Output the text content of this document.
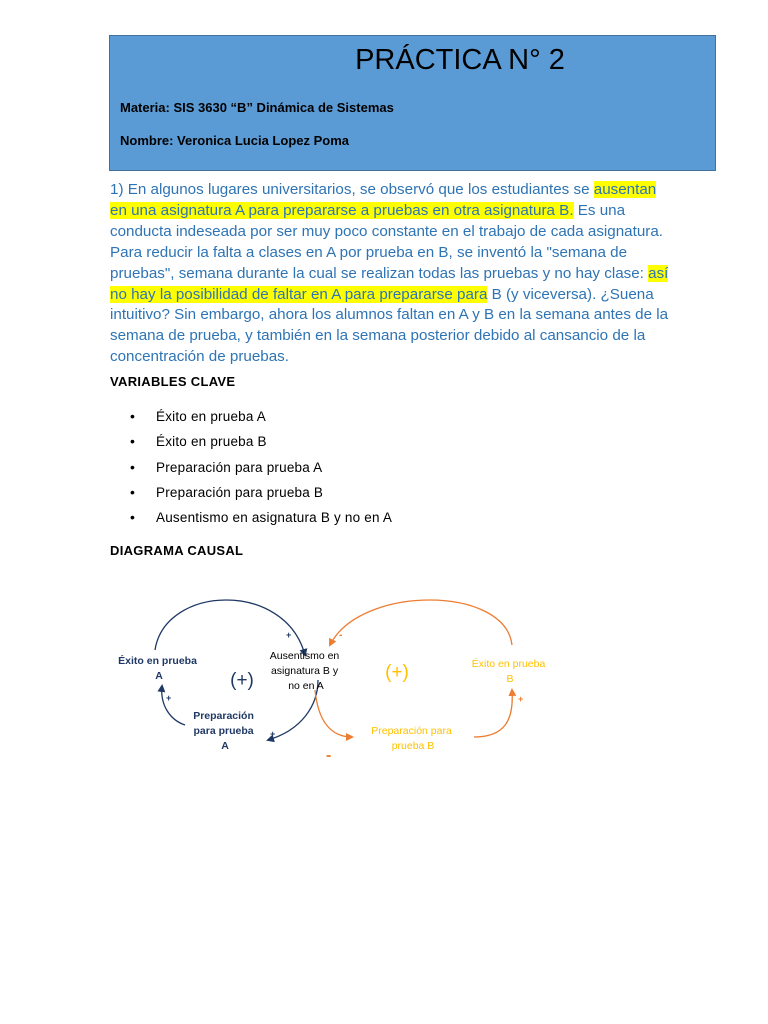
PRÁCTICA N° 2
Materia: SIS 3630 “B” Dinámica de Sistemas
Nombre: Veronica Lucia Lopez Poma
1) En algunos lugares universitarios, se observó que los estudiantes se ausentan en una asignatura A para prepararse a pruebas en otra asignatura B. Es una conducta indeseada por ser muy poco constante en el trabajo de cada asignatura. Para reducir la falta a clases en A por prueba en B, se inventó la "semana de pruebas", semana durante la cual se realizan todas las pruebas y no hay clase: así no hay la posibilidad de faltar en A para prepararse para B (y viceversa). ¿Suena intuitivo? Sin embargo, ahora los alumnos faltan en A y B en la semana antes de la semana de prueba, y también en la semana posterior debido al cansancio de la concentración de pruebas.
VARIABLES CLAVE
• Éxito en prueba A
• Éxito en prueba B
• Preparación para prueba A
• Preparación para prueba B
• Ausentismo en asignatura B y no en A
DIAGRAMA CAUSAL
Éxito en prueba A
Preparación para prueba A
Ausentismo en asignatura B y no en A
Éxito en prueba B
Preparación para prueba B
(+)	(+)
+
+
+
-
-
+
